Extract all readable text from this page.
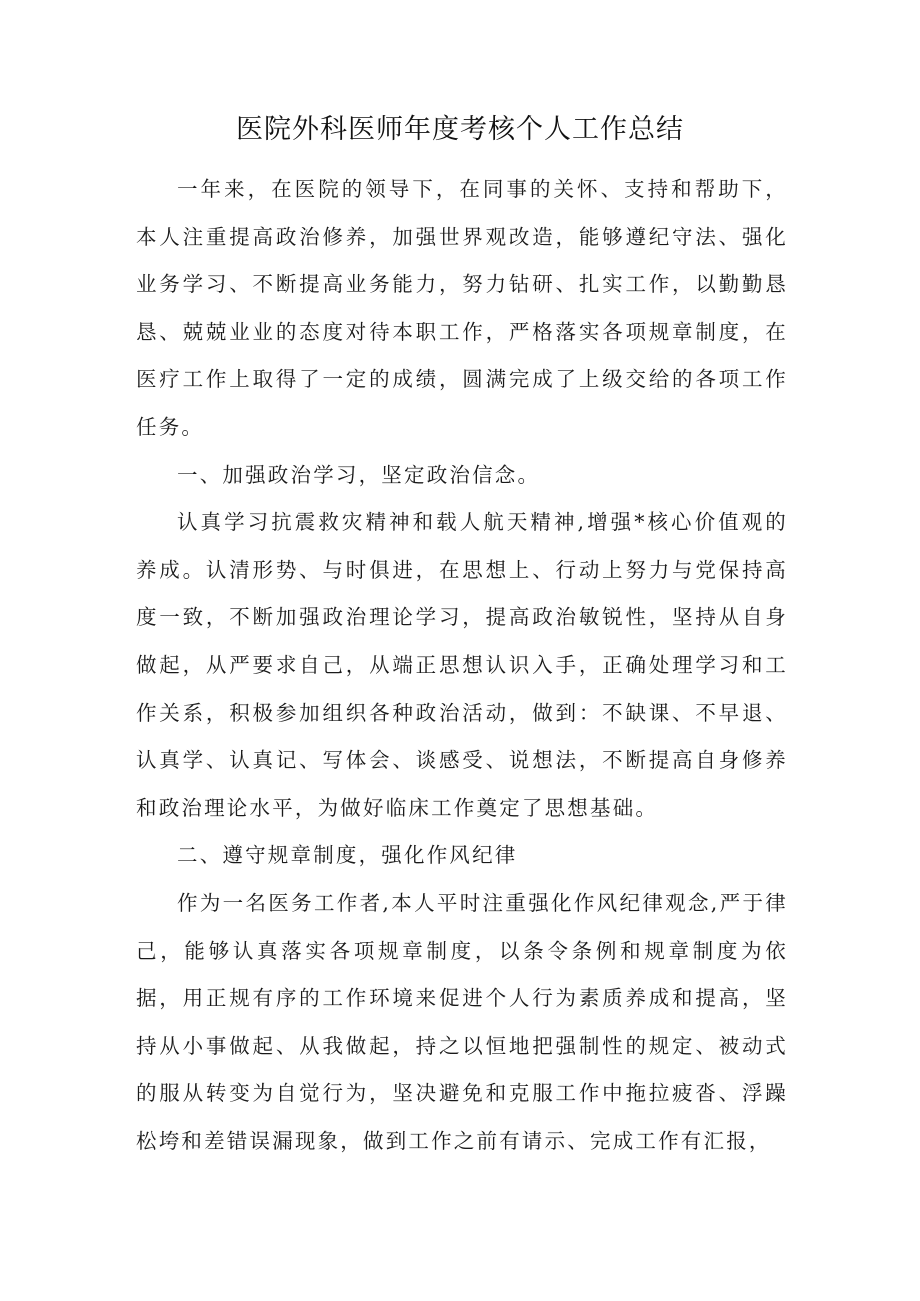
医院外科医师年度考核个人工作总结

一年来，在医院的领导下，在同事的关怀、支持和帮助下，本人注重提高政治修养，加强世界观改造，能够遵纪守法、强化业务学习、不断提高业务能力，努力钻研、扎实工作，以勤勤恳恳、兢兢业业的态度对待本职工作，严格落实各项规章制度，在医疗工作上取得了一定的成绩，圆满完成了上级交给的各项工作任务。

一、加强政治学习，坚定政治信念。

认真学习抗震救灾精神和载人航天精神,增强*核心价值观的养成。认清形势、与时俱进，在思想上、行动上努力与党保持高度一致，不断加强政治理论学习，提高政治敏锐性，坚持从自身做起，从严要求自己，从端正思想认识入手，正确处理学习和工作关系，积极参加组织各种政治活动，做到：不缺课、不早退、认真学、认真记、写体会、谈感受、说想法，不断提高自身修养和政治理论水平，为做好临床工作奠定了思想基础。

二、遵守规章制度，强化作风纪律

作为一名医务工作者,本人平时注重强化作风纪律观念,严于律己，能够认真落实各项规章制度，以条令条例和规章制度为依据，用正规有序的工作环境来促进个人行为素质养成和提高，坚持从小事做起、从我做起，持之以恒地把强制性的规定、被动式的服从转变为自觉行为，坚决避免和克服工作中拖拉疲沓、浮躁松垮和差错误漏现象，做到工作之前有请示、完成工作有汇报，
